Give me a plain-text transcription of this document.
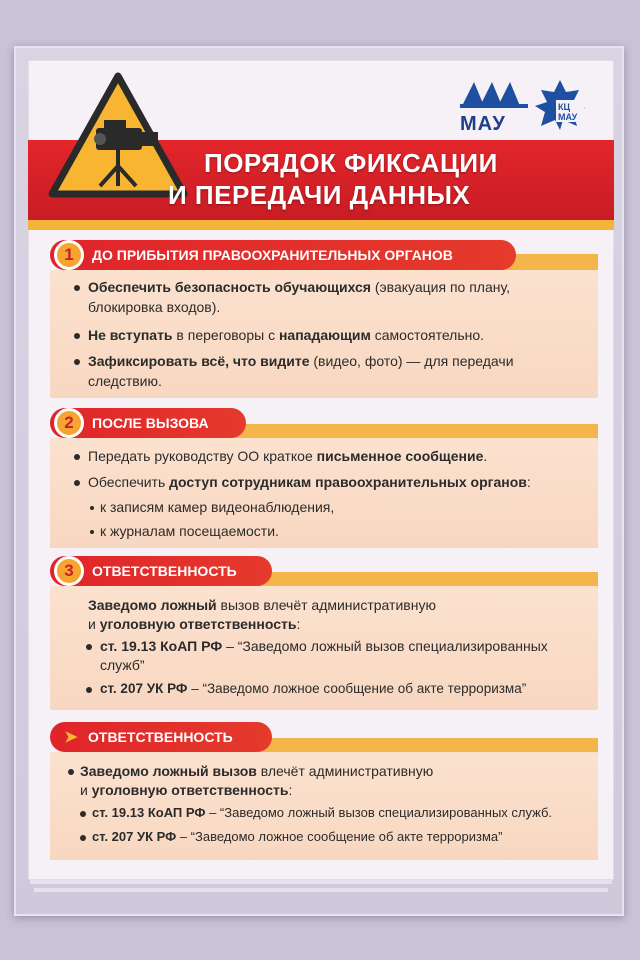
ПОРЯДОК ФИКСАЦИИ
И ПЕРЕДАЧИ ДАННЫХ
МАУ
КЦ
МАУ
1	ДО ПРИБЫТИЯ ПРАВООХРАНИТЕЛЬНЫХ ОРГАНОВ
Обеспечить безопасность обучающихся (эвакуация по плану,
блокировка входов).
Не вступать в переговоры с нападающим самостоятельно.
Зафиксировать всё, что видите (видео, фото) — для передачи
следствию.
2	ПОСЛЕ ВЫЗОВА
Передать руководству ОО краткое письменное сообщение.
Обеспечить доступ сотрудникам правоохранительных органов:
к записям камер видеонаблюдения,
к журналам посещаемости.
3	ОТВЕТСТВЕННОСТЬ
Заведомо ложный вызов влечёт административную
и уголовную ответственность:
ст. 19.13 КоАП РФ – “Заведомо ложный вызов специализированных
служб”
ст. 207 УК РФ – “Заведомо ложное сообщение об акте терроризма”
➤ ОТВЕТСТВЕННОСТЬ
Заведомо ложный вызов влечёт административную
и уголовную ответственность:
ст. 19.13 КоАП РФ – “Заведомо ложный вызов специализированных служб.
ст. 207 УК РФ – “Заведомо ложное сообщение об акте терроризма”
